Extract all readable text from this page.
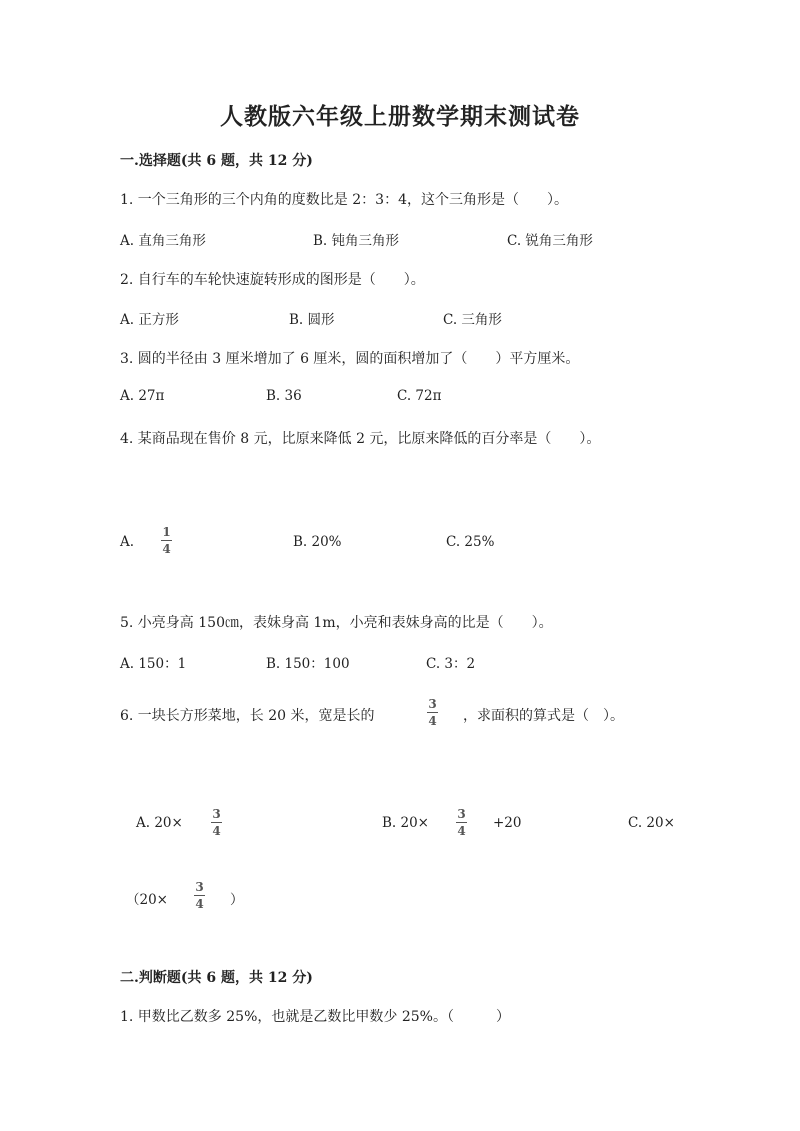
人教版六年级上册数学期末测试卷
一.选择题(共 6 题，共 12 分)
1. 一个三角形的三个内角的度数比是 2：3：4，这个三角形是（　　）。
A. 直角三角形	B. 钝角三角形	C. 锐角三角形
2. 自行车的车轮快速旋转形成的图形是（　　）。
A. 正方形	B. 圆形	C. 三角形
3. 圆的半径由 3 厘米增加了 6 厘米，圆的面积增加了（　　）平方厘米。
A. 27π	B. 36	C. 72π
4. 某商品现在售价 8 元，比原来降低 2 元，比原来降低的百分率是（　　）。
A.
1
4	B. 20%	C. 25%
5. 小亮身高 150㎝，表妹身高 1m，小亮和表妹身高的比是（　　）。
A. 150：1	B. 150：100	C. 3：2
6. 一块长方形菜地，长 20 米，宽是长的
3
4 ，求面积的算式是（　）。
A. 20×
3
4	B. 20×
3
4 +20	C. 20×
（20×
3
4 ）
二.判断题(共 6 题，共 12 分)
1. 甲数比乙数多 25%，也就是乙数比甲数少 25%。（　　　）
